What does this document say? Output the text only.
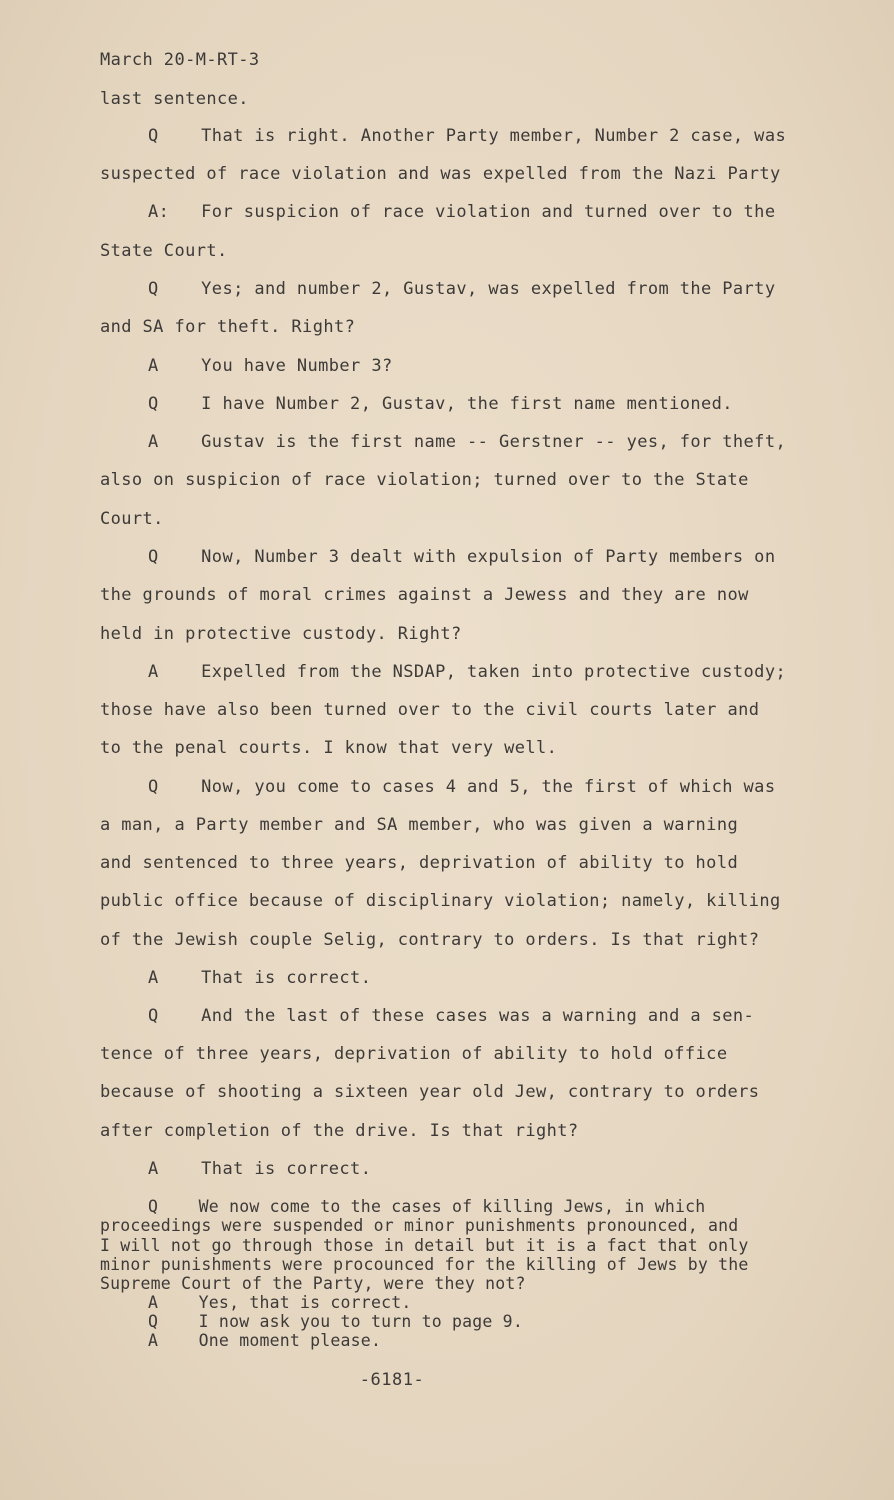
March 20-M-RT-3
last sentence.
Q    That is right. Another Party member, Number 2 case, was
suspected of race violation and was expelled from the Nazi Party
A:   For suspicion of race violation and turned over to the
State Court.
Q    Yes; and number 2, Gustav, was expelled from the Party
and SA for theft. Right?
A    You have Number 3?
Q    I have Number 2, Gustav, the first name mentioned.
A    Gustav is the first name -- Gerstner -- yes, for theft,
also on suspicion of race violation; turned over to the State
Court.
Q    Now, Number 3 dealt with expulsion of Party members on
the grounds of moral crimes against a Jewess and they are now
held in protective custody. Right?
A    Expelled from the NSDAP, taken into protective custody;
those have also been turned over to the civil courts later and
to the penal courts. I know that very well.
Q    Now, you come to cases 4 and 5, the first of which was
a man, a Party member and SA member, who was given a warning
and sentenced to three years, deprivation of ability to hold
public office because of disciplinary violation; namely, killing
of the Jewish couple Selig, contrary to orders. Is that right?
A    That is correct.
Q    And the last of these cases was a warning and a sen-
tence of three years, deprivation of ability to hold office
because of shooting a sixteen year old Jew, contrary to orders
after completion of the drive. Is that right?
A    That is correct.
Q    We now come to the cases of killing Jews, in which
proceedings were suspended or minor punishments pronounced, and
I will not go through those in detail but it is a fact that only
minor punishments were procounced for the killing of Jews by the
Supreme Court of the Party, were they not?
A    Yes, that is correct.
Q    I now ask you to turn to page 9.
A    One moment please.
-6181-
